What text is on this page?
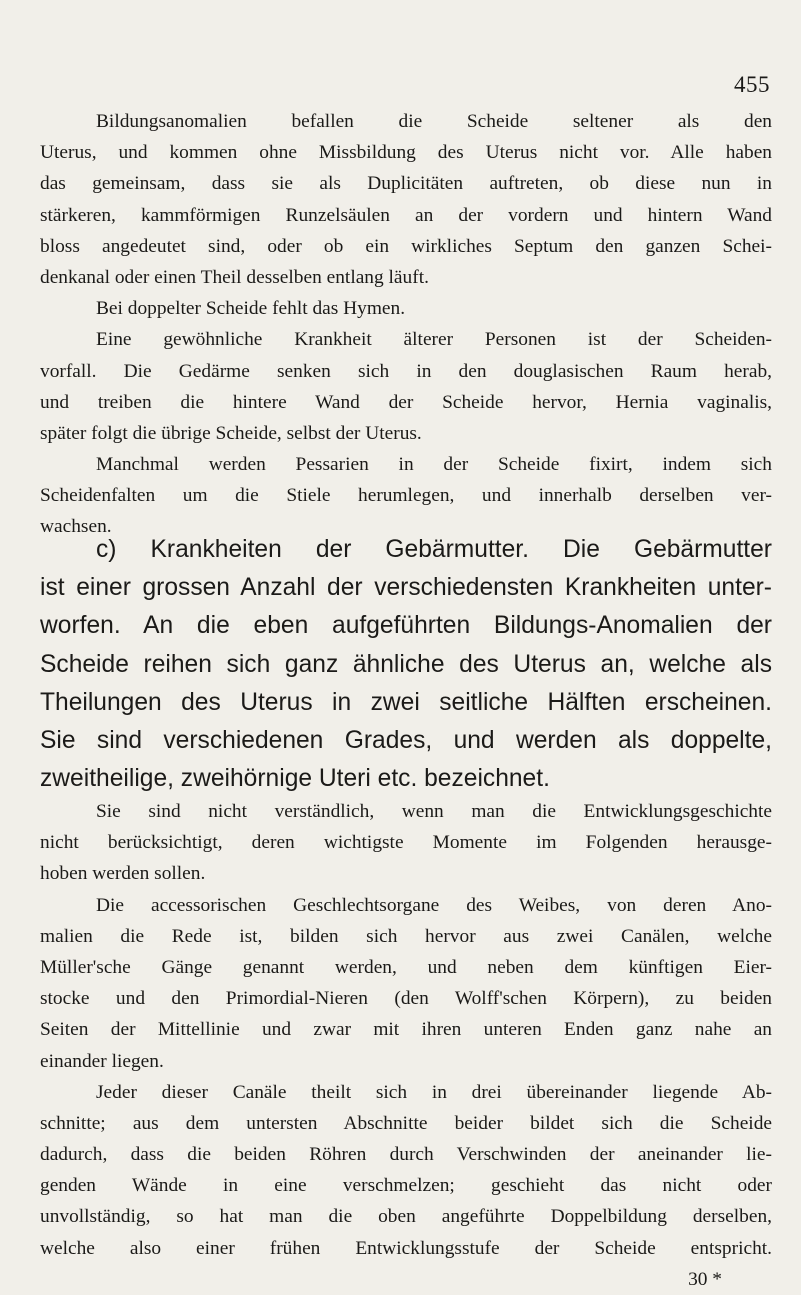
455
Bildungsanomalien befallen die Scheide seltener als den
Uterus, und kommen ohne Missbildung des Uterus nicht vor. Alle haben
das gemeinsam, dass sie als Duplicitäten auftreten, ob diese nun in
stärkeren, kammförmigen Runzelsäulen an der vordern und hintern Wand
bloss angedeutet sind, oder ob ein wirkliches Septum den ganzen Schei-
denkanal oder einen Theil desselben entlang läuft.
Bei doppelter Scheide fehlt das Hymen.
Eine gewöhnliche Krankheit älterer Personen ist der Scheiden-
vorfall. Die Gedärme senken sich in den douglasischen Raum herab,
und treiben die hintere Wand der Scheide hervor, Hernia vaginalis,
später folgt die übrige Scheide, selbst der Uterus.
Manchmal werden Pessarien in der Scheide fixirt, indem sich
Scheidenfalten um die Stiele herumlegen, und innerhalb derselben ver-
wachsen.
c) Krankheiten der Gebärmutter. Die Gebärmutter
ist einer grossen Anzahl der verschiedensten Krankheiten unter-
worfen. An die eben aufgeführten Bildungs-Anomalien der
Scheide reihen sich ganz ähnliche des Uterus an, welche als
Theilungen des Uterus in zwei seitliche Hälften erscheinen.
Sie sind verschiedenen Grades, und werden als doppelte,
zweitheilige, zweihörnige Uteri etc. bezeichnet.
Sie sind nicht verständlich, wenn man die Entwicklungsgeschichte
nicht berücksichtigt, deren wichtigste Momente im Folgenden herausge-
hoben werden sollen.
Die accessorischen Geschlechtsorgane des Weibes, von deren Ano-
malien die Rede ist, bilden sich hervor aus zwei Canälen, welche
Müller'sche Gänge genannt werden, und neben dem künftigen Eier-
stocke und den Primordial-Nieren (den Wolff'schen Körpern), zu beiden
Seiten der Mittellinie und zwar mit ihren unteren Enden ganz nahe an
einander liegen.
Jeder dieser Canäle theilt sich in drei übereinander liegende Ab-
schnitte; aus dem untersten Abschnitte beider bildet sich die Scheide
dadurch, dass die beiden Röhren durch Verschwinden der aneinander lie-
genden Wände in eine verschmelzen; geschieht das nicht oder
unvollständig, so hat man die oben angeführte Doppelbildung derselben,
welche also einer frühen Entwicklungsstufe der Scheide entspricht.
30 *
